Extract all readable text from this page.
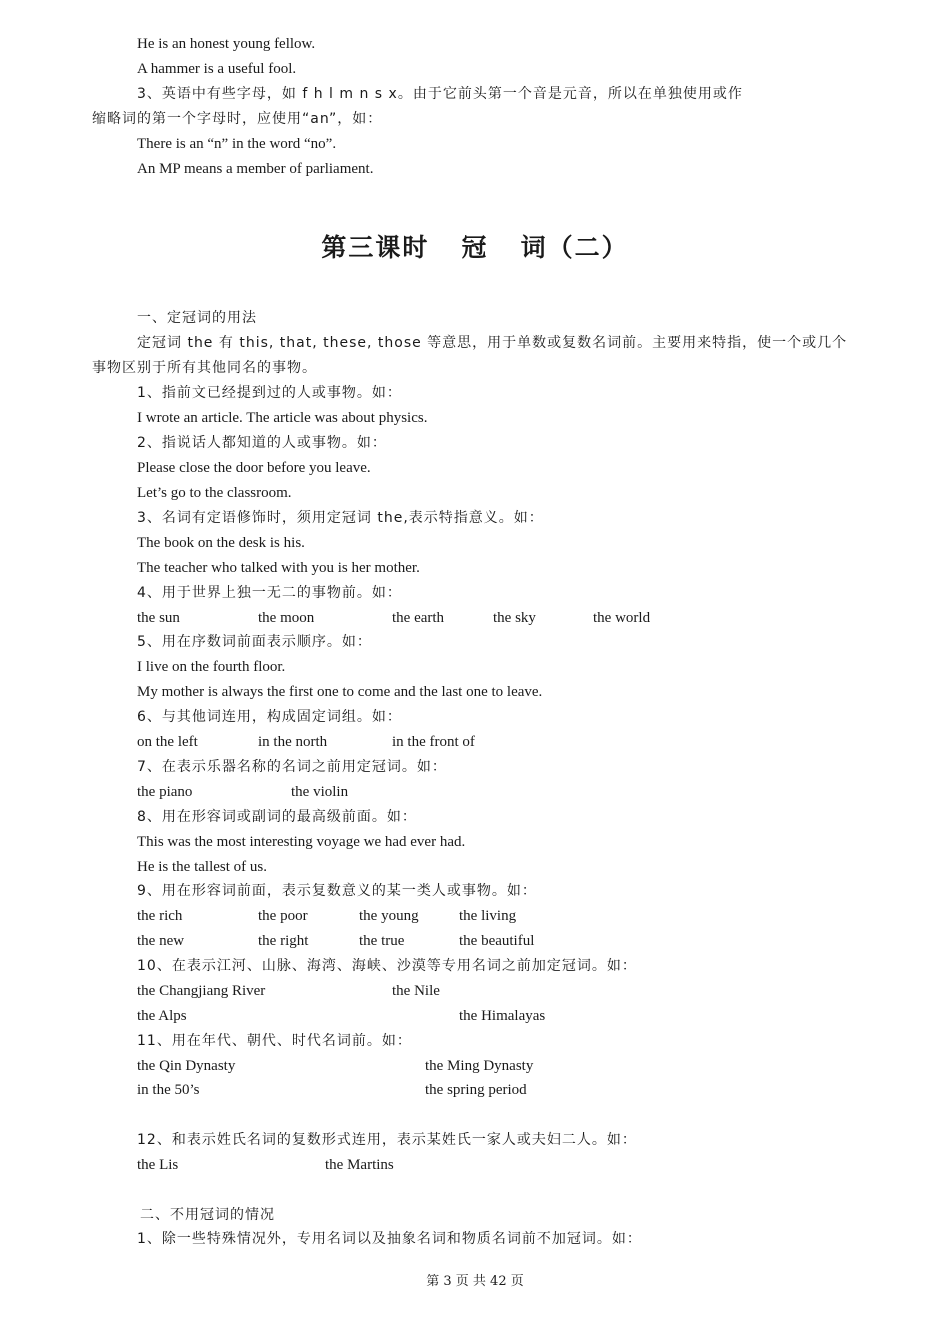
He is an honest young fellow.
A hammer is a useful fool.
3、英语中有些字母，如 f h l m n s x。由于它前头第一个音是元音，所以在单独使用或作
缩略词的第一个字母时，应使用“an”，如：
There is an “n” in the word “no”.
An MP means a member of parliament.
第三课时   冠   词（二）
一、定冠词的用法
定冠词 the 有 this, that, these, those 等意思，用于单数或复数名词前。主要用来特指，使一个或几个
事物区别于所有其他同名的事物。
1、指前文已经提到过的人或事物。如：
I wrote an article. The article was about physics.
2、指说话人都知道的人或事物。如：
Please close the door before you leave.
Let’s go to the classroom.
3、名词有定语修饰时，须用定冠词 the,表示特指意义。如：
The book on the desk is his.
The teacher who talked with you is her mother.
4、用于世界上独一无二的事物前。如：
the sun	the moon	the earth	the sky	the world
5、用在序数词前面表示顺序。如：
I live on the fourth floor.
My mother is always the first one to come and the last one to leave.
6、与其他词连用，构成固定词组。如：
on the left	in the north	in the front of
7、在表示乐器名称的名词之前用定冠词。如：
the piano	the violin
8、用在形容词或副词的最高级前面。如：
This was the most interesting voyage we had ever had.
He is the tallest of us.
9、用在形容词前面，表示复数意义的某一类人或事物。如：
the rich	the poor	the young	the living
the new	the right	the true	the beautiful
10、在表示江河、山脉、海湾、海峡、沙漠等专用名词之前加定冠词。如：
the Changjiang River	the Nile
the Alps	the Himalayas
11、用在年代、朝代、时代名词前。如：
the Qin Dynasty	the Ming Dynasty
in the 50’s	the spring period
12、和表示姓氏名词的复数形式连用，表示某姓氏一家人或夫妇二人。如：
the Lis	the Martins
二、不用冠词的情况
1、除一些特殊情况外，专用名词以及抽象名词和物质名词前不加冠词。如：
第 3 页 共 42 页
